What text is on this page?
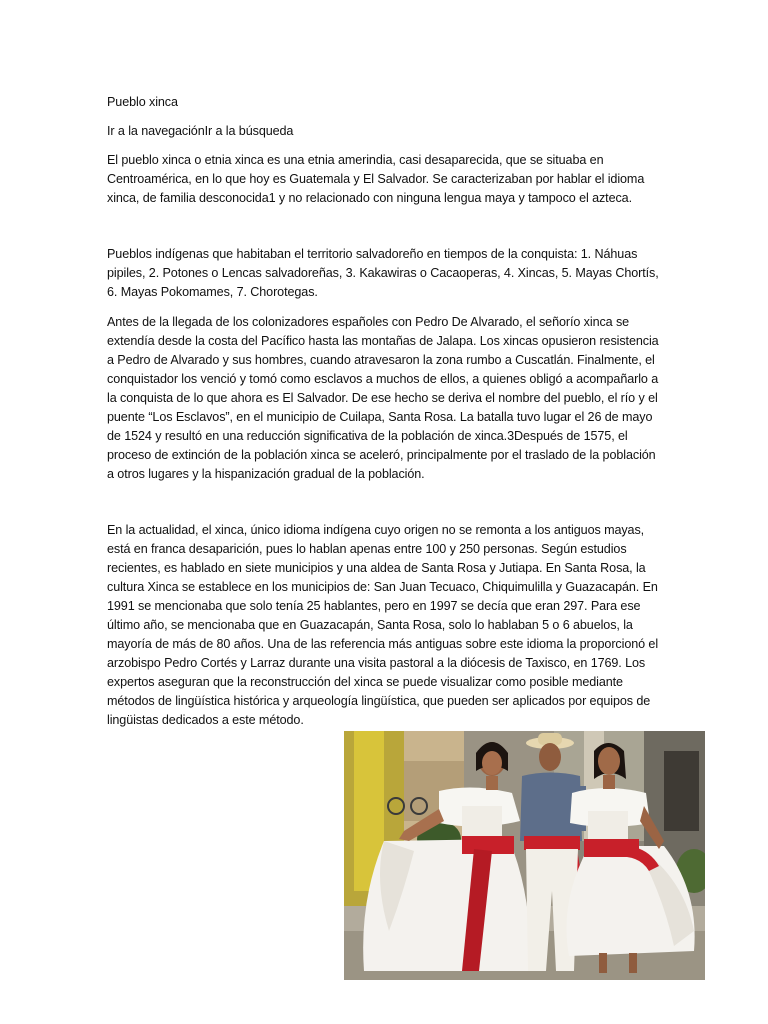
Pueblo xinca

Ir a la navegaciónIr a la búsqueda

El pueblo xinca o etnia xinca es una etnia amerindia, casi desaparecida, que se situaba en Centroamérica, en lo que hoy es Guatemala y El Salvador. Se caracterizaban por hablar el idioma xinca, de familia desconocida1 y no relacionado con ninguna lengua maya y tampoco el azteca.

Pueblos indígenas que habitaban el territorio salvadoreño en tiempos de la conquista: 1. Náhuas pipiles, 2. Potones o Lencas salvadoreñas, 3. Kakawiras o Cacaoperas, 4. Xincas, 5. Mayas Chortís, 6. Mayas Pokomames, 7. Chorotegas.

Antes de la llegada de los colonizadores españoles con Pedro De Alvarado, el señorío xinca se extendía desde la costa del Pacífico hasta las montañas de Jalapa. Los xincas opusieron resistencia a Pedro de Alvarado y sus hombres, cuando atravesaron la zona rumbo a Cuscatlán. Finalmente, el conquistador los venció y tomó como esclavos a muchos de ellos, a quienes obligó a acompañarlo a la conquista de lo que ahora es El Salvador. De ese hecho se deriva el nombre del pueblo, el río y el puente “Los Esclavos”, en el municipio de Cuilapa, Santa Rosa. La batalla tuvo lugar el 26 de mayo de 1524 y resultó en una reducción significativa de la población de xinca.3Después de 1575, el proceso de extinción de la población xinca se aceleró, principalmente por el traslado de la población a otros lugares y la hispanización gradual de la población.

En la actualidad, el xinca, único idioma indígena cuyo origen no se remonta a los antiguos mayas, está en franca desaparición, pues lo hablan apenas entre 100 y 250 personas. Según estudios recientes, es hablado en siete municipios y una aldea de Santa Rosa y Jutiapa. En Santa Rosa, la cultura Xinca se establece en los municipios de: San Juan Tecuaco, Chiquimulilla y Guazacapán. En 1991 se mencionaba que solo tenía 25 hablantes, pero en 1997 se decía que eran 297. Para ese último año, se mencionaba que en Guazacapán, Santa Rosa, solo lo hablaban 5 o 6 abuelos, la mayoría de más de 80 años. Una de las referencia más antiguas sobre este idioma la proporcionó el arzobispo Pedro Cortés y Larraz durante una visita pastoral a la diócesis de Taxisco, en 1769. Los expertos aseguran que la reconstrucción del xinca se puede visualizar como posible mediante métodos de lingüística histórica y arqueología lingüística, que pueden ser aplicados por equipos de lingüistas dedicados a este método.
